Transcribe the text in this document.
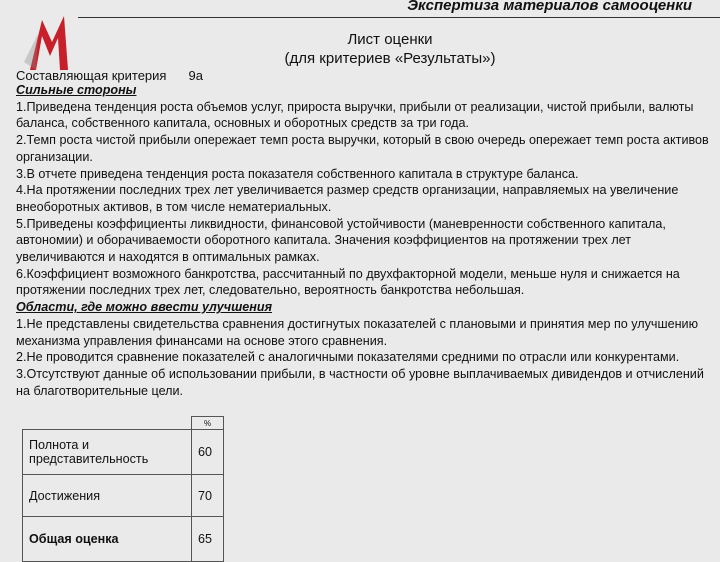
Экспертиза материалов самооценки
Лист оценки
(для критериев «Результаты»)
Составляющая критерия 9а

Сильные стороны

1.Приведена тенденция роста объемов услуг, прироста выручки, прибыли от реализации, чистой прибыли, валюты баланса, собственного капитала, основных и оборотных средств за три года.

2.Темп роста чистой прибыли опережает темп роста выручки, который в свою очередь опережает темп роста активов организации.

3.В отчете приведена тенденция роста показателя собственного капитала в структуре баланса.

4.На протяжении последних трех лет увеличивается размер средств организации, направляемых на увеличение внеоборотных активов, в том числе нематериальных.

5.Приведены коэффициенты ликвидности, финансовой устойчивости (маневренности собственного капитала, автономии) и оборачиваемости оборотного капитала. Значения коэффициентов на протяжении трех лет увеличиваются и находятся в оптимальных рамках.

6.Коэффициент возможного банкротства, рассчитанный по двухфакторной модели, меньше нуля и снижается на протяжении последних трех лет, следовательно, вероятность банкротства небольшая.

Области, где можно ввести улучшения

1.Не представлены свидетельства сравнения достигнутых показателей с плановыми и принятия мер по улучшению механизма управления финансами на основе этого сравнения.

2.Не проводится сравнение показателей с аналогичными показателями средними по отрасли или конкурентами.

3.Отсутствуют данные об использовании прибыли, в частности об уровне выплачиваемых дивидендов и отчислений на благотворительные цели.

	%
Полнота и представительность	60
Достижения	70
Общая оценка	65
